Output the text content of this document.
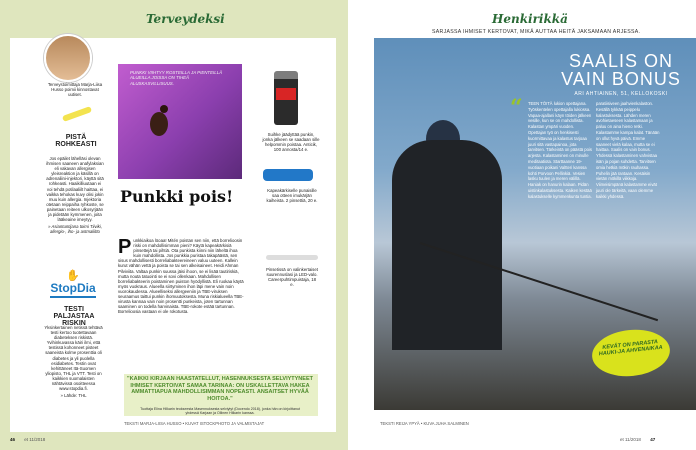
Terveydeksi	Henkirikkä
SARJASSA IHMISET KERTOVAT, MIKÄ AUTTAA HEITÄ JAKSAMAAN ARJESSA.
Terveystoimittaja Marja-Liisa Husso poimii kinnostavat uutiset.
PISTÄ ROHKEASTI
Jos epäilet lähelläsi olevan ihmisen saaneen anafylaksian eli vakavan allergisen yleisreaktion ja käsillä on adrenaliini-injektori, käyttä sitä rohkeasti. Haaikilliuutaan ei voi tehdä potilaaliilt haittaa, ei vaikka tehokas kuvy olisi jokin muu kuin allergia. Injektoria otetaan reippaiha ryhkoste, se painetaan reiteen ulkosyrjään ja pidetään kymmenen, joita lääkeaine imeytyy.
» Asiantuntijana toimi Tiiviki, allergio-, iho- ja astmaliitto
✋
StopDia
TESTI PALJASTAA RISKIN
Yksinkertainen netissä tehtävä testi kertoo tuotettavaan diabeteksen riskistä. Yvihinkuvassa käiri ilmi, että testissä kohonneet pisteet saaneista kolme prosenttia oli diabetes ja yli puolella esidiabetes. Testin ovat kehittäneet Itä-Suomen yliopisto, THL ja VTT. Testi on kaikkien suomalaisten nähtävissä osoitteessa www.stopdia.fi.
» Lähde: THL
PUNKKI VIIHTYY ROSTEILLA JA PIENTEILLÄ ALUEILLA JOISSA ON TIHEÄ ALUSKASVILLISUUS.
Punkki pois!
P unkkiaikoa löoaa! Mitén poistan sen niin, että borrelioosin riski on mahdollisimman pieni? Käytä kapeakärkisiä pinsettejä tai pihtiä. Ota punkista kiinni niin läheltä ihoa kuin mahdollista. Jos punkkia puristaa takapäästä, sen sisus mahdollisesti borreliabakteereineen valuu uuteen. Kallein kurut vähän vettä ja poista se tai sen alkeisaineet. Heidi Ahman Pilviviita. Valtaa punkin suussa jäisi ihoon, se ei lisää tautiriskiä, mutta nouta tatuointi se ei sovi ollenkaan. Mahdollisen borreliabakteerin poistaminen puiston hyödyllistä. Eli ruokaa käytä myös vuokraus. Alueella siirtyminen ihon läpi mene vain noin vuorokaudessa. Alueelliseksi allergeeniin ja TBE-viruksen seuraamus taittui punkin ihomuutoksesta. Muna riskialueella TBE-virusta kannaa vain noin prosentti punkeista, joten tartunnan saaminen on todella harvinaista. TBE-rokote estää tartunnan. Borrelioosia vastaan ei ole rokotusta.
Suihke jäädyttää punkin, jonka jälkeen se saadaan sille helpommin poistaa. Anticik, 100 annosta/14 e.
Kapeakärkiselle punaisille saa otteen imukärjän kaiheista. 2 pinsettiä, 20 e.
Pinsetissä on valinkertaiset suurennuslasi ja LED-valo. Careerpuhtimpuistaja, 18 e.
"KAIKKI KIRJAAN HAASTATELLUT, HASENNUKSESTA SELVIYTYNEET IHMISET KERTOIVAT SAMAA TARINAA: ON USKALLETTAVA HAKEA AMMATTIAPUA MAHDOLLISIMMAN NOPEASTI. ANSAITSET HYVÄÄ HOITOA."
Tuottaja Elina Hilkarin teokseesta Masennuksesta selviytyt (Docendo 2018), jonka hän on kirjoittanut yhdessä Karjaan ja Ollinen Hilkarin kanssa.
TEKSTI MARJA-LIISA HUSSO • KUVAT ISTOCKPHOTO JA VALMISTAJAT
46 et 11/2018
SAALIS ON VAIN BONUS
ARI AHTIAINEN, 51, KELLOKOSKI
“ TEEN TÖITÄ lukion opettajana. Työskentelen opettajalla lukiossa. Vapaa-ajallani käyn töiden jälkeen vesille, kun se on mahdollista. Kalastan ympäri vuoden. Opettajan työ on henkisesti kuormittavaa ja kalastus tarjoaa juuri sitä vastapainoa, jota tarvitsen. Tärkeintä on päästä pois arjesta. Kalastaminen on minulle meditaatiota. Starttaanne 19-vuotiaan poikani Valtteri kanssa kohti Porvoon Pellinkiä. Vesien lasku tuulen ja meren välillä. Haniak on hanurin kalaan. Pidän uistinkalastuksesta. Kaiken kestää kalastukselle kymmenkunta tuntia.
paratiisiveen jaahvienkalaston. Kesällä tykkää peippelu kalastuksesta. Lähden meren avohietaeseen kalastamaan ja paluu on aina hieno retki. Kalastamme kampa kalat. Tänään on ollut hyvä päivä. Emme saaneet vielä kalaa, mutta se ei haittaa. Saalis on vain bonus. Yhdessä kalastaminen vahvistaa isän ja pojan suhdetta. Tarvitsen omia hetkiä mökin rauhassa. Puhelin jää rantaan. Kesäisin vietän mökillä viikkoja. Viimeisimpänä kalastamme eivät juuri ole tärkeitä, vaan olemme kaikki yhdessä.
KEVÄT ON PARASTA HAUKI-JA AHVENAIKAA
TEKSTI REIJA YPYÄ • KUVA JUHA SALMINEN
et 11/2018 47
